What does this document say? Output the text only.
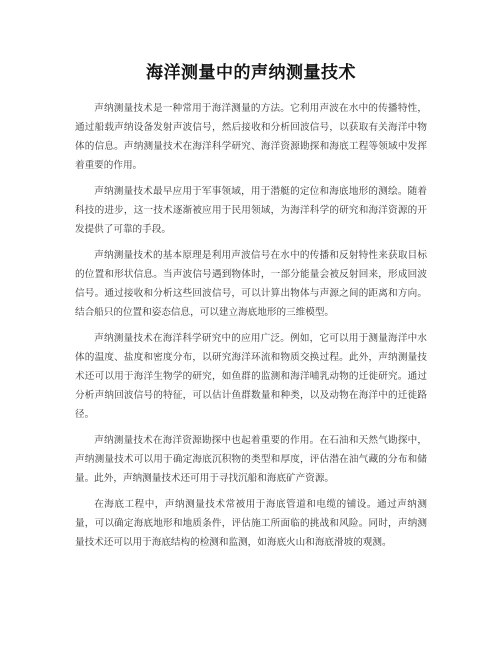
海洋测量中的声纳测量技术

声纳测量技术是一种常用于海洋测量的方法。它利用声波在水中的传播特性，通过船载声纳设备发射声波信号，然后接收和分析回波信号，以获取有关海洋中物体的信息。声纳测量技术在海洋科学研究、海洋资源勘探和海底工程等领域中发挥着重要的作用。

声纳测量技术最早应用于军事领域，用于潜艇的定位和海底地形的测绘。随着科技的进步，这一技术逐渐被应用于民用领域，为海洋科学的研究和海洋资源的开发提供了可靠的手段。

声纳测量技术的基本原理是利用声波信号在水中的传播和反射特性来获取目标的位置和形状信息。当声波信号遇到物体时，一部分能量会被反射回来，形成回波信号。通过接收和分析这些回波信号，可以计算出物体与声源之间的距离和方向。结合船只的位置和姿态信息，可以建立海底地形的三维模型。

声纳测量技术在海洋科学研究中的应用广泛。例如，它可以用于测量海洋中水体的温度、盐度和密度分布，以研究海洋环流和物质交换过程。此外，声纳测量技术还可以用于海洋生物学的研究，如鱼群的监测和海洋哺乳动物的迁徙研究。通过分析声纳回波信号的特征，可以估计鱼群数量和种类，以及动物在海洋中的迁徙路径。

声纳测量技术在海洋资源勘探中也起着重要的作用。在石油和天然气勘探中，声纳测量技术可以用于确定海底沉积物的类型和厚度，评估潜在油气藏的分布和储量。此外，声纳测量技术还可用于寻找沉船和海底矿产资源。

在海底工程中，声纳测量技术常被用于海底管道和电缆的铺设。通过声纳测量，可以确定海底地形和地质条件，评估施工所面临的挑战和风险。同时，声纳测量技术还可以用于海底结构的检测和监测，如海底火山和海底滑坡的观测。
